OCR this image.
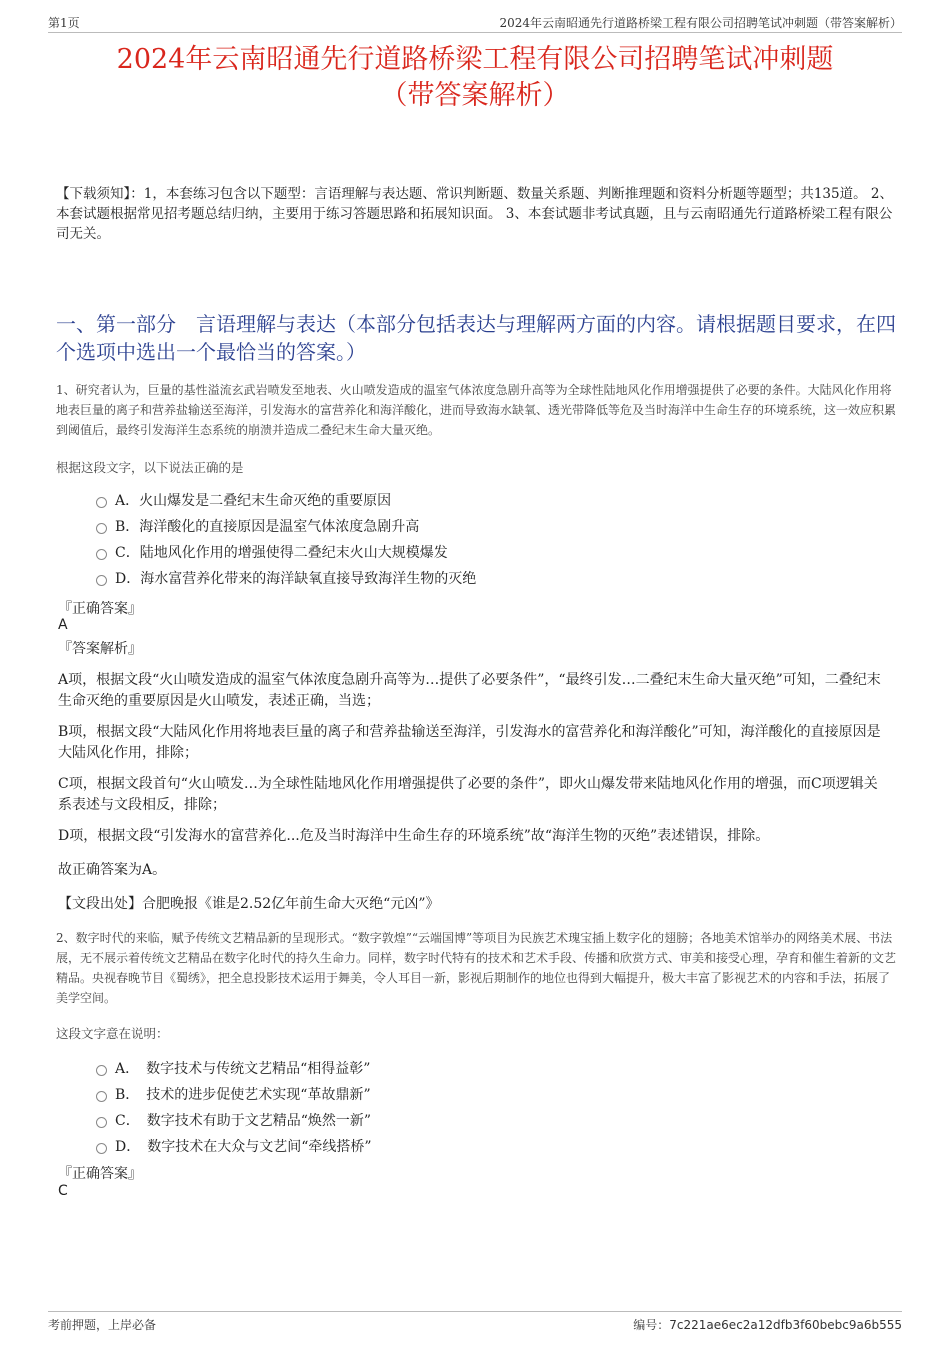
第1页	2024年云南昭通先行道路桥梁工程有限公司招聘笔试冲刺题（带答案解析）
2024年云南昭通先行道路桥梁工程有限公司招聘笔试冲刺题
（带答案解析）
【下载须知】：1，本套练习包含以下题型：言语理解与表达题、常识判断题、数量关系题、判断推理题和资料分析题等题型；共135道。 2、本套试题根据常见招考题总结归纳，主要用于练习答题思路和拓展知识面。 3、本套试题非考试真题，且与云南昭通先行道路桥梁工程有限公司无关。
一、第一部分　言语理解与表达（本部分包括表达与理解两方面的内容。请根据题目要求，在四个选项中选出一个最恰当的答案。）
1、研究者认为，巨量的基性溢流玄武岩喷发至地表、火山喷发造成的温室气体浓度急剧升高等为全球性陆地风化作用增强提供了必要的条件。大陆风化作用将地表巨量的离子和营养盐输送至海洋，引发海水的富营养化和海洋酸化，进而导致海水缺氧、透光带降低等危及当时海洋中生命生存的环境系统，这一效应积累到阈值后，最终引发海洋生态系统的崩溃并造成二叠纪末生命大量灭绝。
根据这段文字，以下说法正确的是
A．火山爆发是二叠纪末生命灭绝的重要原因
B．海洋酸化的直接原因是温室气体浓度急剧升高
C．陆地风化作用的增强使得二叠纪末火山大规模爆发
D．海水富营养化带来的海洋缺氧直接导致海洋生物的灭绝
『正确答案』
A
『答案解析』
A项，根据文段“火山喷发造成的温室气体浓度急剧升高等为…提供了必要条件”，“最终引发…二叠纪末生命大量灭绝”可知，二叠纪末生命灭绝的重要原因是火山喷发，表述正确，当选；
B项，根据文段“大陆风化作用将地表巨量的离子和营养盐输送至海洋，引发海水的富营养化和海洋酸化”可知，海洋酸化的直接原因是大陆风化作用，排除；
C项，根据文段首句“火山喷发…为全球性陆地风化作用增强提供了必要的条件”，即火山爆发带来陆地风化作用的增强，而C项逻辑关系表述与文段相反，排除；
D项，根据文段“引发海水的富营养化...危及当时海洋中生命生存的环境系统”故“海洋生物的灭绝”表述错误，排除。
故正确答案为A。
【文段出处】合肥晚报《谁是2.52亿年前生命大灭绝“元凶”》
2、数字时代的来临，赋予传统文艺精品新的呈现形式。“数字敦煌”“云端国博”等项目为民族艺术瑰宝插上数字化的翅膀；各地美术馆举办的网络美术展、书法展，无不展示着传统文艺精品在数字化时代的持久生命力。同样，数字时代特有的技术和艺术手段、传播和欣赏方式、审美和接受心理，孕育和催生着新的文艺精品。央视春晚节目《蜀绣》，把全息投影技术运用于舞美，令人耳目一新，影视后期制作的地位也得到大幅提升，极大丰富了影视艺术的内容和手法，拓展了美学空间。
这段文字意在说明：
A．　数字技术与传统文艺精品“相得益彰”
B．　技术的进步促使艺术实现“革故鼎新”
C．　数字技术有助于文艺精品“焕然一新”
D．　数字技术在大众与文艺间“牵线搭桥”
『正确答案』
C
考前押题，上岸必备	编号：7c221ae6ec2a12dfb3f60bebc9a6b555
